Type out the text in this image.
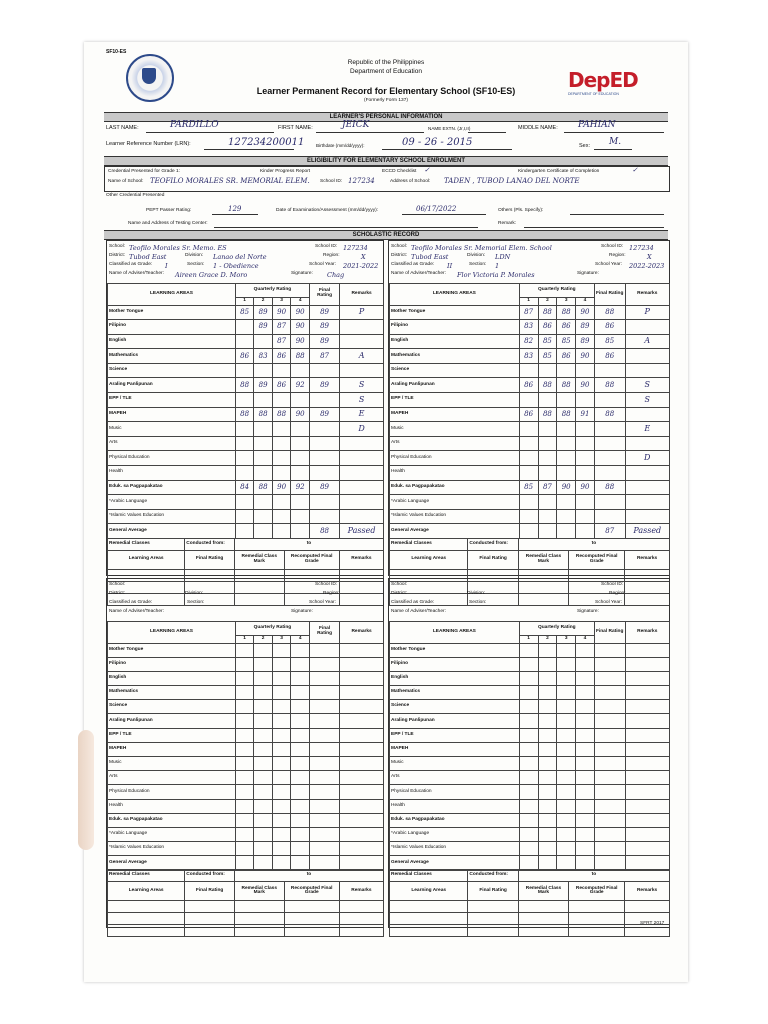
SF10-ES
Republic of the Philippines
Department of Education
Learner Permanent Record for Elementary School (SF10-ES)
(Formerly Form 137)
DepED
DEPARTMENT OF EDUCATION
LEARNER'S PERSONAL INFORMATION
LAST NAME:	PARDILLO	FIRST NAME:	JEICK	NAME EXTN. (Jr,I,II)	MIDDLE NAME: PAHIAN
Learner Reference Number (LRN):	127234200011	Birthdate (mm/dd/yyyy):	09 - 26 - 2015	Sex: M.
ELIGIBILITY FOR ELEMENTARY SCHOOL ENROLMENT
Credential Presented for Grade 1:	Kinder Progress Report	ECCD Checklist ✓	Kindergarten Certificate of Completion	✓
Name of School: TEOFILO MORALES SR. MEMORIAL ELEM. School ID: 127234	Address of School: TADEN , TUBOD LANAO DEL NORTE
Other Credential Presented
PEPT Passer Rating:	129	Date of Examination/Assessment (mm/dd/yyyy):	06/17/2022	Others (Pls. Specify):
Name and Address of Testing Center:	Remark:
SCHOLASTIC RECORD
School: Teofilo Morales Sr. Memo. ES	School ID: 127234
District: Tubod East	Division: Lanao del Norte	Region:	X
Classified as Grade: I	Section: 1 - Obedience	School Year: 2021-2022
Name of Adviser/Teacher: Aireen Grace D. Moro	Signature: Chag
LEARNING AREAS	Quarterly Rating				Final Rating	Remarks
	1	2	3	4		
Mother Tongue	85	89	90	90	89	P
Filipino		89	87	90	89	
English			87	90	89	
Mathematics	86	83	86	88	87	A
Science						
Araling Panlipunan	88	89	86	92	89	S
EPP / TLE						S
MAPEH	88	88	88	90	89	E
Music						D
Arts						
Physical Education						
Health						
Eduk. sa Pagpapakatao	84	88	90	92	89	
*Arabic Language						
*Islamic Values Education						
General Average					88	Passed
Remedial Classes	Conducted from:	to		
Learning Areas	Final Rating	Remedial Class Mark	Recomputed Final Grade	Remarks

School: Teofilo Morales Sr. Memorial Elem. School	School ID: 127234
District: Tubod East	Division: LDN	Region:	X
Classified as Grade: II	Section: 1	School Year: 2022-2023
Name of Adviser/Teacher: Flor Victoria P. Morales	Signature:
LEARNING AREAS	Quarterly Rating				Final Rating	Remarks
	1	2	3	4		
Mother Tongue	87	88	88	90	88	P
Filipino	83	86	86	89	86	
English	82	85	85	89	85	A
Mathematics	83	85	86	90	86	
Science						
Araling Panlipunan	86	88	88	90	88	S
EPP / TLE						S
MAPEH	86	88	88	91	88	
Music						E
Arts						
Physical Education						D
Health						
Eduk. sa Pagpapakatao	85	87	90	90	88	
*Arabic Language						
*Islamic Values Education						
General Average					87	Passed
Remedial Classes	Conducted from:	to		
Learning Areas	Final Rating	Remedial Class Mark	Recomputed Final Grade	Remarks

School:	School ID:
District:	Division:	Region:
Classified as Grade:	Section:	School Year:
Name of Adviser/Teacher:	Signature:
LEARNING AREAS	Quarterly Rating				Final Rating	Remarks
	1	2	3	4		
Mother Tongue						
Filipino						
English						
Mathematics						
Science						
Araling Panlipunan						
EPP / TLE						
MAPEH						
Music						
Arts						
Physical Education						
Health						
Eduk. sa Pagpapakatao						
*Arabic Language						
*Islamic Values Education						
General Average						
Remedial Classes	Conducted from:	to		
Learning Areas	Final Rating	Remedial Class Mark	Recomputed Final Grade	Remarks

School:	School ID:
District:	Division:	Region:
Classified as Grade:	Section:	School Year:
Name of Adviser/Teacher:	Signature:
LEARNING AREAS	Quarterly Rating				Final Rating	Remarks
	1	2	3	4		
Mother Tongue						
Filipino						
English						
Mathematics						
Science						
Araling Panlipunan						
EPP / TLE						
MAPEH						
Music						
Arts						
Physical Education						
Health						
Eduk. sa Pagpapakatao						
*Arabic Language						
*Islamic Values Education						
General Average						
Remedial Classes	Conducted from:	to		
Learning Areas	Final Rating	Remedial Class Mark	Recomputed Final Grade	Remarks

SFRT 2017
